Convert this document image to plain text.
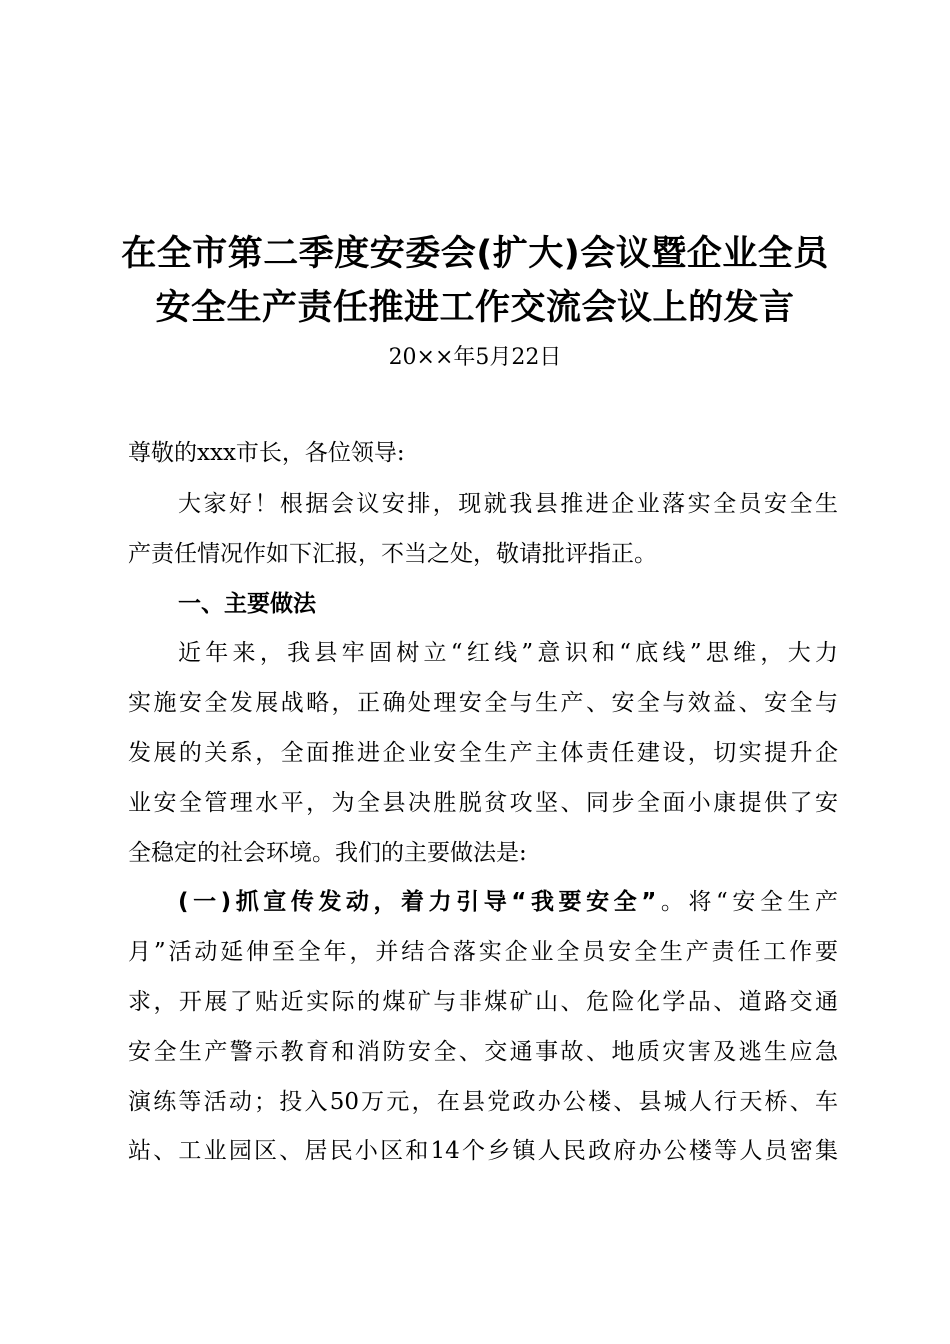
在全市第二季度安委会(扩大)会议暨企业全员
安全生产责任推进工作交流会议上的发言
20××年5月22日
尊敬的xxx市长，各位领导:
大家好！根据会议安排，现就我县推进企业落实全员安全生
产责任情况作如下汇报，不当之处，敬请批评指正。
一、主要做法
近年来，我县牢固树立“红线”意识和“底线”思维，大力
实施安全发展战略，正确处理安全与生产、安全与效益、安全与
发展的关系，全面推进企业安全生产主体责任建设，切实提升企
业安全管理水平，为全县决胜脱贫攻坚、同步全面小康提供了安
全稳定的社会环境。我们的主要做法是:
(一)抓宣传发动，着力引导“我要安全”。将“安全生产
月”活动延伸至全年，并结合落实企业全员安全生产责任工作要
求，开展了贴近实际的煤矿与非煤矿山、危险化学品、道路交通
安全生产警示教育和消防安全、交通事故、地质灾害及逃生应急
演练等活动；投入50万元，在县党政办公楼、县城人行天桥、车
站、工业园区、居民小区和14个乡镇人民政府办公楼等人员密集
